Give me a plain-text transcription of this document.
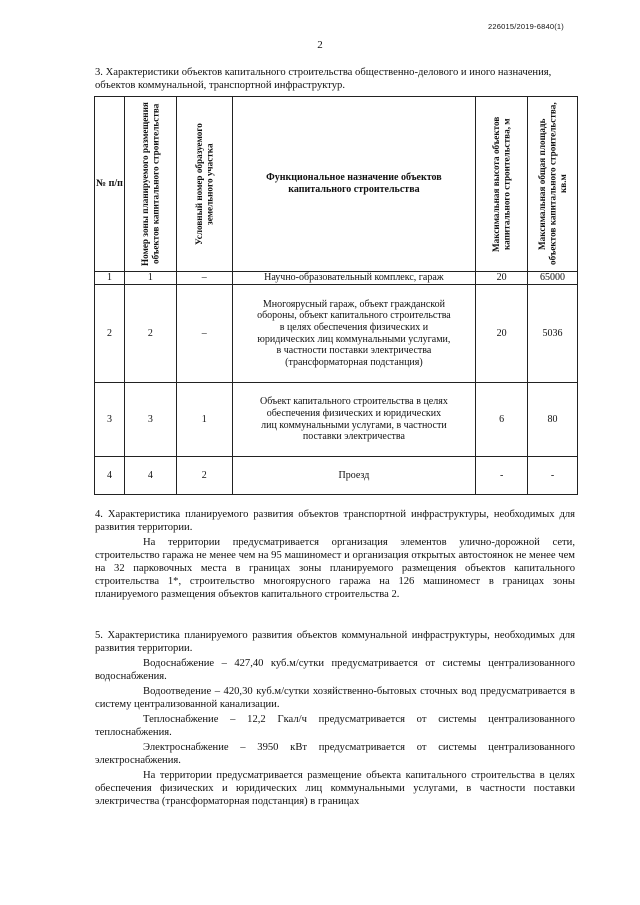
226015/2019-6840(1)
2
3. Характеристики объектов капитального строительства общественно-делового и иного назначения, объектов коммунальной, транспортной инфраструктур.
№ п/п	Номер зоны планируемого размещения объектов капитального строительства	Условный номер образуемого земельного участка	Функциональное назначение объектов капитального строительства	Максимальная высота объектов капитального строительства, м	Максимальная общая площадь объектов капитального строительства, кв.м

1	1	–	Научно-образовательный комплекс, гараж	20	65000
2	2	–	Многоярусный гараж, объект гражданской обороны, объект капитального строительства в целях обеспечения физических и юридических лиц коммунальными услугами, в частности поставки электричества (трансформаторная подстанция)	20	5036
3	3	1	Объект капитального строительства в целях обеспечения физических и юридических лиц коммунальными услугами, в частности поставки электричества	6	80
4	4	2	Проезд	-	-
4. Характеристика планируемого развития объектов транспортной инфраструктуры, необходимых для развития территории.
На территории предусматривается организация элементов улично-дорожной сети, строительство гаража не менее чем на 95 машиномест и организация открытых автостоянок не менее чем на 32 парковочных места в границах зоны планируемого размещения объектов капитального строительства 1*, строительство многоярусного гаража на 126 машиномест в границах зоны планируемого размещения объектов капитального строительства 2.
5. Характеристика планируемого развития объектов коммунальной инфраструктуры, необходимых для развития территории.
Водоснабжение – 427,40 куб.м/сутки предусматривается от системы централизованного водоснабжения.
Водоотведение – 420,30 куб.м/сутки хозяйственно-бытовых сточных вод предусматривается в систему централизованной канализации.
Теплоснабжение – 12,2 Гкал/ч предусматривается от системы централизованного теплоснабжения.
Электроснабжение – 3950 кВт предусматривается от системы централизованного электроснабжения.
На территории предусматривается размещение объекта капитального строительства в целях обеспечения физических и юридических лиц коммунальными услугами, в частности поставки электричества (трансформаторная подстанция) в границах
